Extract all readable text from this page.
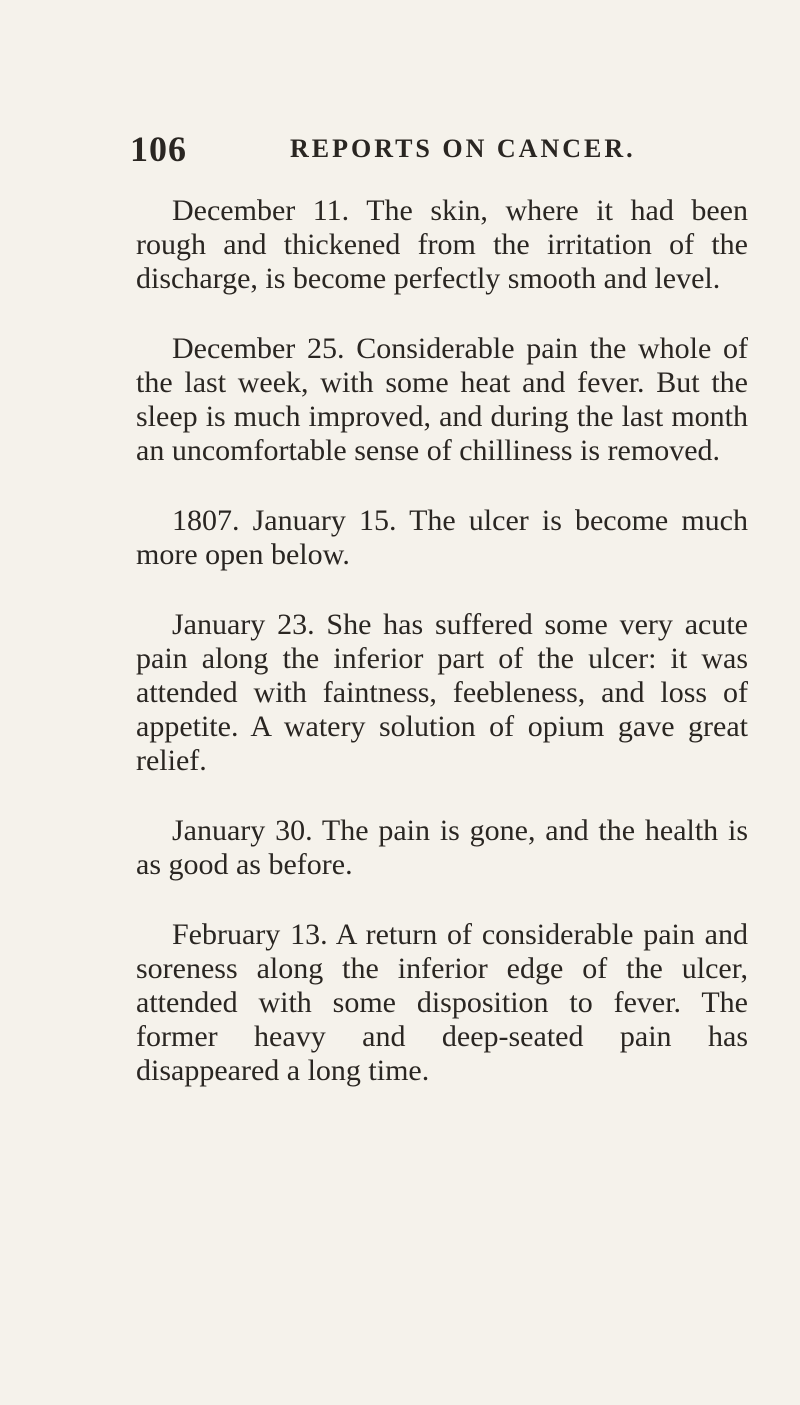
106	REPORTS ON CANCER.

December 11. The skin, where it had been rough and thickened from the irritation of the discharge, is become perfectly smooth and level.

December 25. Considerable pain the whole of the last week, with some heat and fever. But the sleep is much improved, and during the last month an uncomfortable sense of chilliness is removed.

1807. January 15. The ulcer is become much more open below.

January 23. She has suffered some very acute pain along the inferior part of the ulcer: it was attended with faintness, feebleness, and loss of appetite. A watery solution of opium gave great relief.

January 30. The pain is gone, and the health is as good as before.

February 13. A return of considerable pain and soreness along the inferior edge of the ulcer, attended with some disposition to fever. The former heavy and deep-seated pain has disappeared a long time.
